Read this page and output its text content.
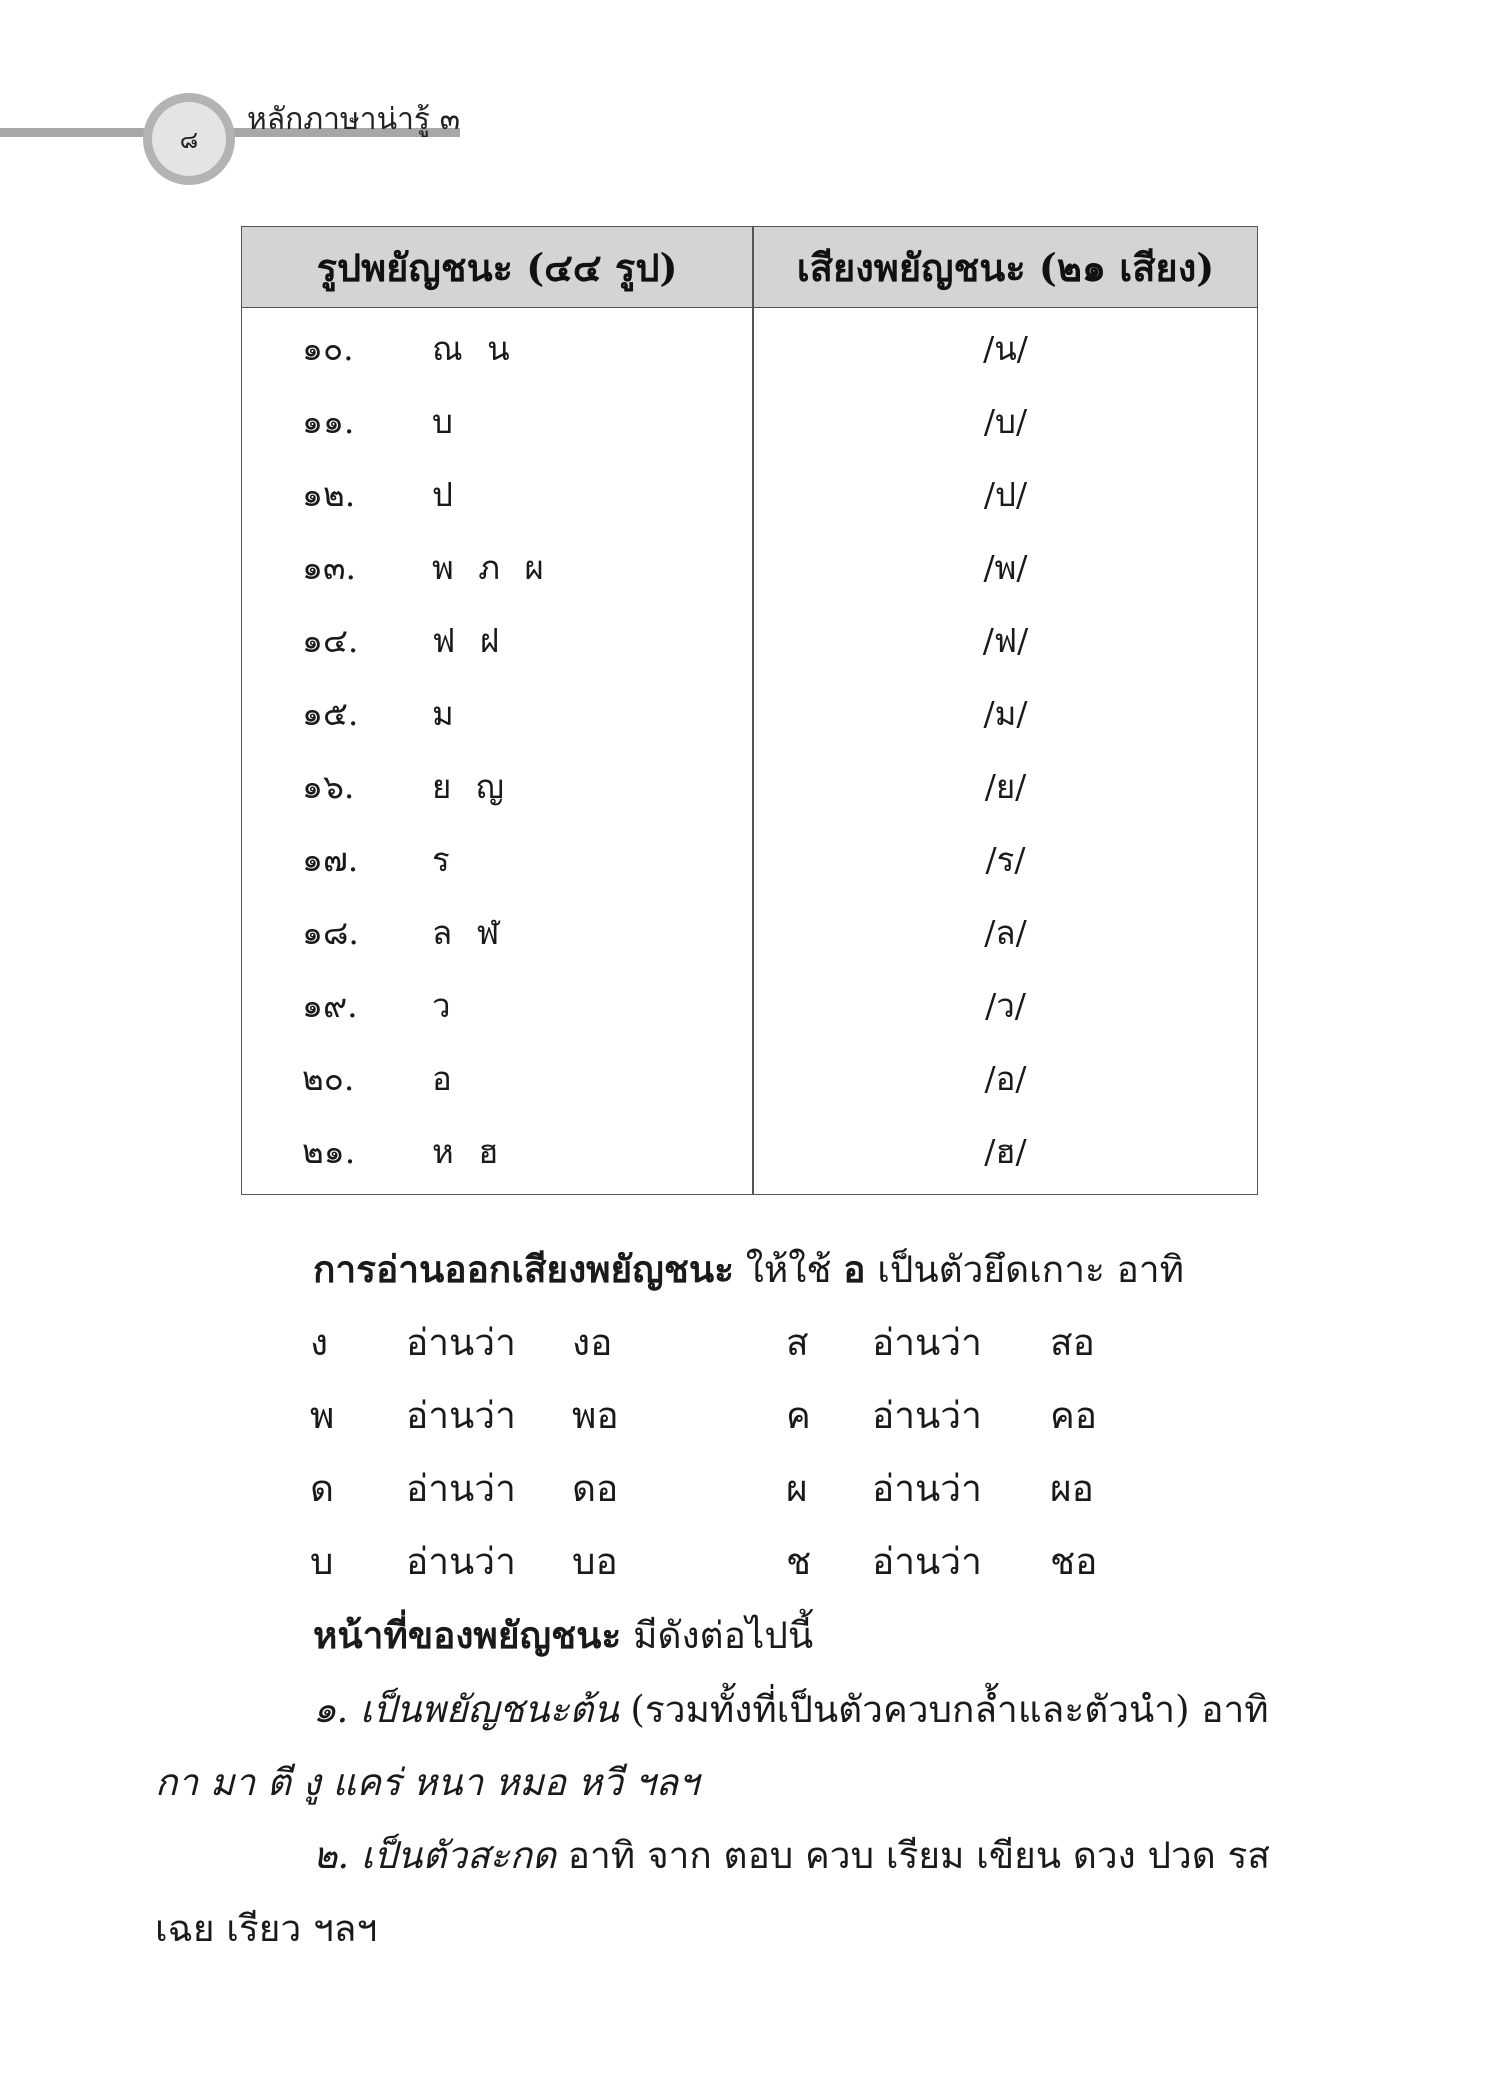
๘
หลักภาษาน่ารู้ ๓
รูปพยัญชนะ (๔๔ รูป)	เสียงพยัญชนะ (๒๑ เสียง)
๑๐. ณ น	/น/
๑๑. บ	/บ/
๑๒. ป	/ป/
๑๓. พ ภ ผ	/พ/
๑๔. ฟ ฝ	/ฟ/
๑๕. ม	/ม/
๑๖. ย ญ	/ย/
๑๗. ร	/ร/
๑๘. ล ฬ	/ล/
๑๙. ว	/ว/
๒๐. อ	/อ/
๒๑. ห ฮ	/ฮ/
การอ่านออกเสียงพยัญชนะ ให้ใช้ อ เป็นตัวยึดเกาะ อาทิ
ง อ่านว่า งอ	ส อ่านว่า สอ
พ อ่านว่า พอ	ค อ่านว่า คอ
ด อ่านว่า ดอ	ผ อ่านว่า ผอ
บ อ่านว่า บอ	ช อ่านว่า ชอ
หน้าที่ของพยัญชนะ มีดังต่อไปนี้
๑. เป็นพยัญชนะต้น (รวมทั้งที่เป็นตัวควบกล้ำและตัวนำ) อาทิ
กา มา ตี งู แคร่ หนา หมอ หวี ฯลฯ
๒. เป็นตัวสะกด อาทิ จาก ตอบ ควบ เรียม เขียน ดวง ปวด รส
เฉย เรียว ฯลฯ
